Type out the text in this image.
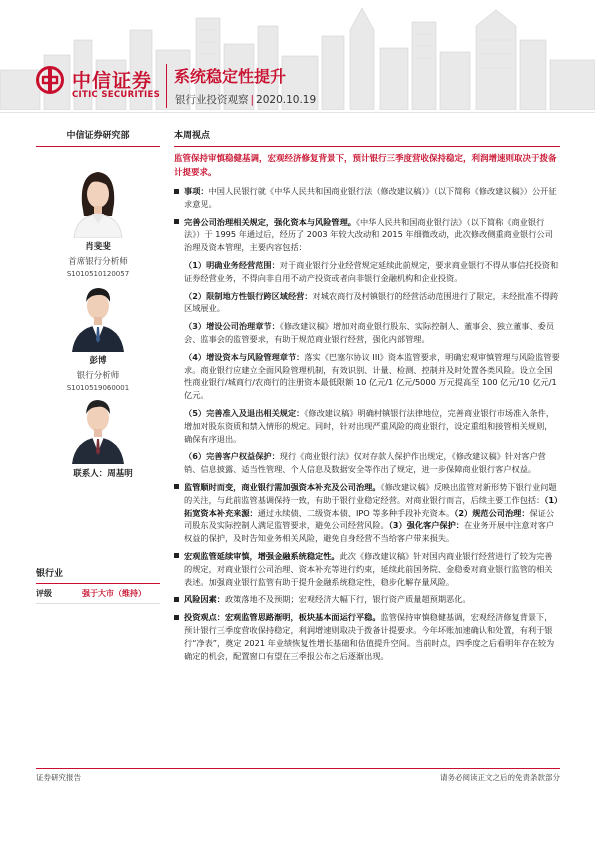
中信证券
CITIC SECURITIES
系统稳定性提升
银行业投资观察 | 2020.10.19
中信证券研究部
肖斐斐
首席银行分析师
S1010510120057
彭博
银行分析师
S1010519060001
联系人：周基明
银行业
评级	强于大市（维持）
本周视点
监管保持审慎稳健基调，宏观经济修复背景下，预计银行三季度营收保持稳定，利润增速则取决于拨备计提要求。
事项：中国人民银行就《中华人民共和国商业银行法（修改建议稿）》（以下简称《修改建议稿》）公开征求意见。
完善公司治理相关规定，强化资本与风险管理。《中华人民共和国商业银行法》（以下简称《商业银行法》）于 1995 年通过后，经历了 2003 年较大改动和 2015 年细微改动，此次修改侧重商业银行公司治理及资本管理，主要内容包括：
（1）明确业务经营范围：对于商业银行分业经营规定延续此前规定，要求商业银行不得从事信托投资和证券经营业务，不得向非自用不动产投资或者向非银行金融机构和企业投资。
（2）限制地方性银行跨区域经营：对城农商行及村镇银行的经营活动范围进行了限定，未经批准不得跨区域展业。
（3）增设公司治理章节：《修改建议稿》增加对商业银行股东、实际控制人、董事会、独立董事、委员会、监事会的监管要求，有助于规范商业银行经营，强化内部管理。
（4）增设资本与风险管理章节：落实《巴塞尔协议 III》资本监管要求，明确宏观审慎管理与风险监管要求。商业银行应建立全面风险管理机制，有效识别、计量、检测、控制并及时处置各类风险。设立全国性商业银行/城商行/农商行的注册资本最低限额 10 亿元/1 亿元/5000 万元提高至 100 亿元/10 亿元/1 亿元。
（5）完善准入及退出相关规定：《修改建议稿》明确村镇银行法律地位，完善商业银行市场准入条件，增加对股东资质和禁入情形的规定。同时，针对出现严重风险的商业银行，设定重组和接管相关规则，确保有序退出。
（6）完善客户权益保护：现行《商业银行法》仅对存款人保护作出规定，《修改建议稿》针对客户营销、信息披露、适当性管理、个人信息及数据安全等作出了规定，进一步保障商业银行客户权益。
监管顺时而变，商业银行需加强资本补充及公司治理。《修改建议稿》反映出监管对新形势下银行业问题的关注，与此前监管基调保持一致，有助于银行业稳定经营。对商业银行而言，后续主要工作包括：（1）拓宽资本补充来源：通过永续债、二级资本债、IPO 等多种手段补充资本。（2）规范公司治理：保证公司股东及实际控制人满足监管要求，避免公司经营风险。（3）强化客户保护：在业务开展中注意对客户权益的保护，及时告知业务相关风险，避免自身经营不当给客户带来损失。
宏观监管延续审慎，增强金融系统稳定性。此次《修改建议稿》针对国内商业银行经营进行了较为完善的规定，对商业银行公司治理、资本补充等进行约束，延续此前国务院、金稳委对商业银行监管的相关表述。加强商业银行监管有助于提升金融系统稳定性，稳步化解存量风险。
风险因素：政策落地不及预期；宏观经济大幅下行，银行资产质量超预期恶化。
投资观点：宏观监管思路渐明，板块基本面运行平稳。监管保持审慎稳健基调，宏观经济修复背景下，预计银行三季度营收保持稳定，利润增速则取决于拨备计提要求。今年坏账加速确认和处置，有利于银行“净表”，奠定 2021 年业绩恢复性增长基础和估值提升空间。当前时点，四季度之后看明年存在较为确定的机会，配置窗口有望在三季报公布之后逐渐出现。
证券研究报告	请务必阅读正文之后的免责条款部分
